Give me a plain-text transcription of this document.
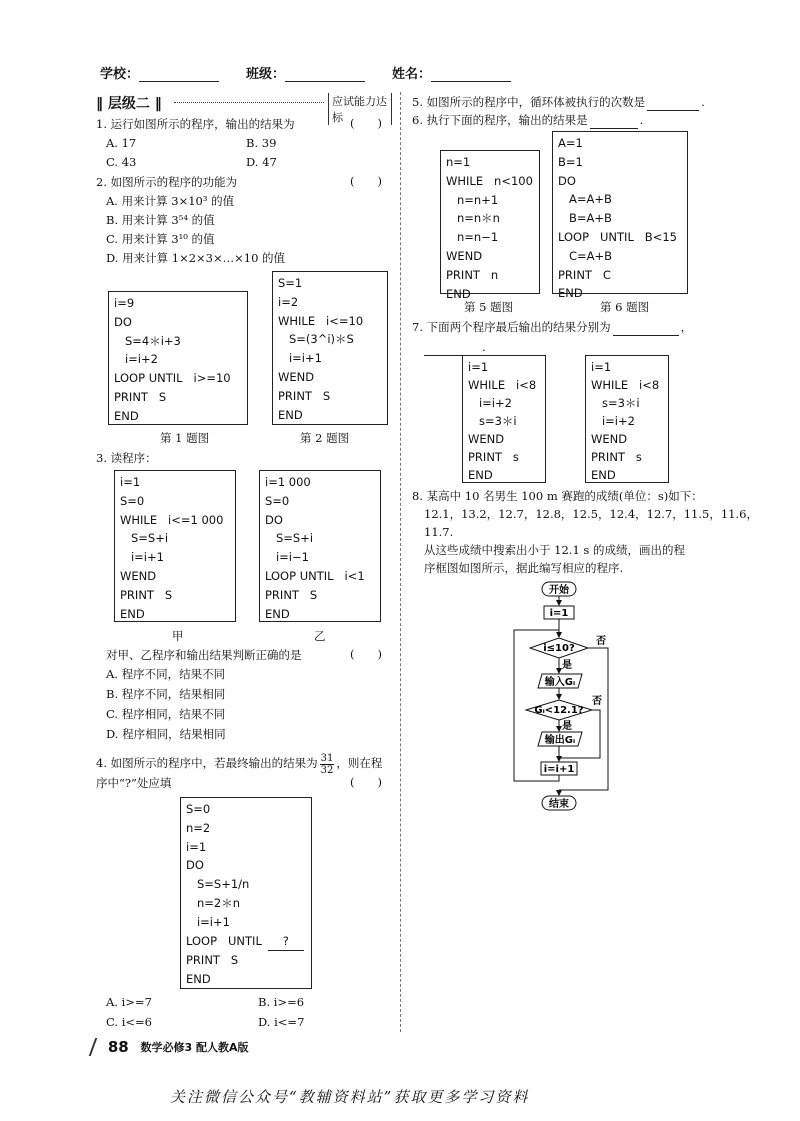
学校：	班级：	姓名：
‖ 层级二 ‖	应试能力达标
1. 运行如图所示的程序，输出的结果为	(　　)
A. 17	B. 39
C. 43	D. 47
2. 如图所示的程序的功能为	(　　)
A. 用来计算 3×10³ 的值
B. 用来计算 3⁵⁴ 的值
C. 用来计算 3¹⁰ 的值
D. 用来计算 1×2×3×…×10 的值
i=9
DO
S=4＊i+3
i=i+2
LOOP UNTIL   i>=10
PRINT   S
END
第 1 题图
S=1
i=2
WHILE   i<=10
S=(3^i)＊S
i=i+1
WEND
PRINT   S
END
第 2 题图
3. 读程序：
i=1
S=0
WHILE   i<=1 000
S=S+i
i=i+1
WEND
PRINT   S
END
i=1 000
S=0
DO
S=S+i
i=i−1
LOOP UNTIL   i<1
PRINT   S
END
甲	乙
对甲、乙程序和输出结果判断正确的是	(　　)
A. 程序不同，结果不同
B. 程序不同，结果相同
C. 程序相同，结果不同
D. 程序相同，结果相同
4. 如图所示的程序中，若最终输出的结果为 $\frac{31}{32}$ ，则在程
序中“?”处应填	(　　)
S=0
n=2
i=1
DO
S=S+1/n
n=2＊n
i=i+1
LOOP   UNTIL ?
PRINT   S
END
A. i>=7	B. i>=6
C. i<=6	D. i<=7
5. 如图所示的程序中，循环体被执行的次数是	.
6. 执行下面的程序，输出的结果是	.
n=1
WHILE   n<100
n=n+1
n=n＊n
n=n−1
WEND
PRINT   n
END
A=1
B=1
DO
A=A+B
B=A+B
LOOP   UNTIL   B<15
C=A+B
PRINT   C
END
第 5 题图	第 6 题图
7. 下面两个程序最后输出的结果分别为	，
.
i=1
WHILE   i<8
i=i+2
s=3＊i
WEND
PRINT   s
END
i=1
WHILE   i<8
s=3＊i
i=i+2
WEND
PRINT   s
END
8. 某高中 10 名男生 100 m 赛跑的成绩(单位：s)如下：
12.1，13.2，12.7，12.8，12.5，12.4，12.7，11.5，11.6，
11.7.
从这些成绩中搜索出小于 12.1 s 的成绩，画出的程
序框图如图所示，据此编写相应的程序.
开始
i=1
i≤10?
否
是
输入Gᵢ
Gᵢ<12.1?
否
是
输出Gᵢ
i=i+1
结束
88 数学必修3 配人教A版
关注微信公众号“教辅资料站”获取更多学习资料
